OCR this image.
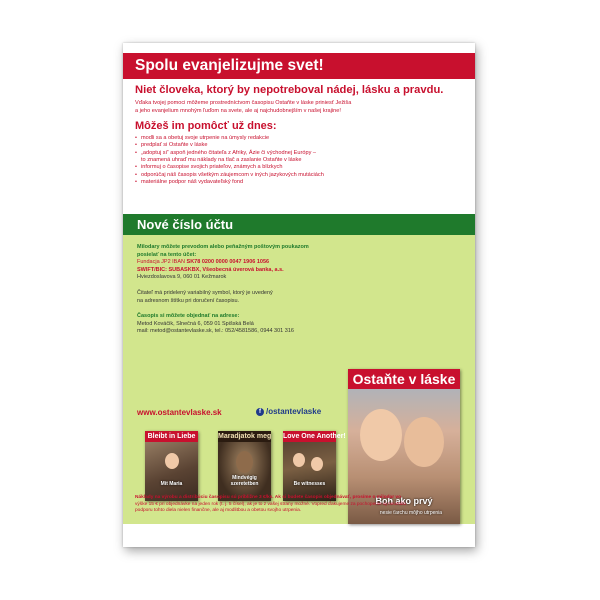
Spolu evanjelizujme svet!

Niet človeka, ktorý by nepotreboval nádej, lásku a pravdu.

Vďaka tvojej pomoci môžeme prostredníctvom časopisu Ostaňte v láske priniesť Ježiša
a jeho evanjelium mnohým ľuďom na svete, ale aj najchudobnejším v našej krajine!

Môžeš im pomôcť už dnes:

• modli sa a obetuj svoje utrpenie na úmysly redakcie
• predplať si Ostaňte v láske
• „adoptuj si“ aspoň jedného čitateľa z Afriky, Ázie či východnej Európy –
to znamená uhraď mu náklady na tlač a zaslanie Ostaňte v láske
• informuj o časopise svojich priateľov, známych a blízkych
• odporúčaj náš časopis všetkým záujemcom v iných jazykových mutáciách
• materiálne podpor náš vydavateľský fond
Nové číslo účtu

Milodary môžete prevodom alebo peňažným poštovým poukazom
posielať na tento účet:

Fundacja JP2 IBAN SK78 0200 0000 0047 1906 1056

SWIFT/BIC: SUBASKBX, Všeobecná úverová banka, a.s.

Hviezdoslavova 9, 060 01 Kežmarok

Čitateľ má pridelený variabilný symbol, ktorý je uvedený
na adresnom štítku pri doručení časopisu.

Časopis si môžete objednať na adrese:

Metod Kováčik, Slnečná 6, 059 01 Spišská Belá

mail: metod@ostantevlaske.sk, tel.: 052/4581586, 0944 301 316

www.ostantevlaske.sk	f /ostantevlaske
Bleibt in Liebe
Mit Maria
Maradjatok meg
Mindvégig szeretetben
Love One Another!
Be witnesses
Ostaňte v láske
Boh ako prvý
nesie ťarchu môjho utrpenia

Náklady na výrobu a distribúciu časopisu sú približne 3 €/ks. Ak si budete časopis objednávať, prosíme o milodar vo

výške 15 € pri objednávke na jeden rok (t. j. 5 čísel), ak je to z vašej strany možné. Vopred ďakujeme za pochopenie aj neustálu

podporu tohto diela nielen finančne, ale aj modlitbou a obetou svojho utrpenia.
